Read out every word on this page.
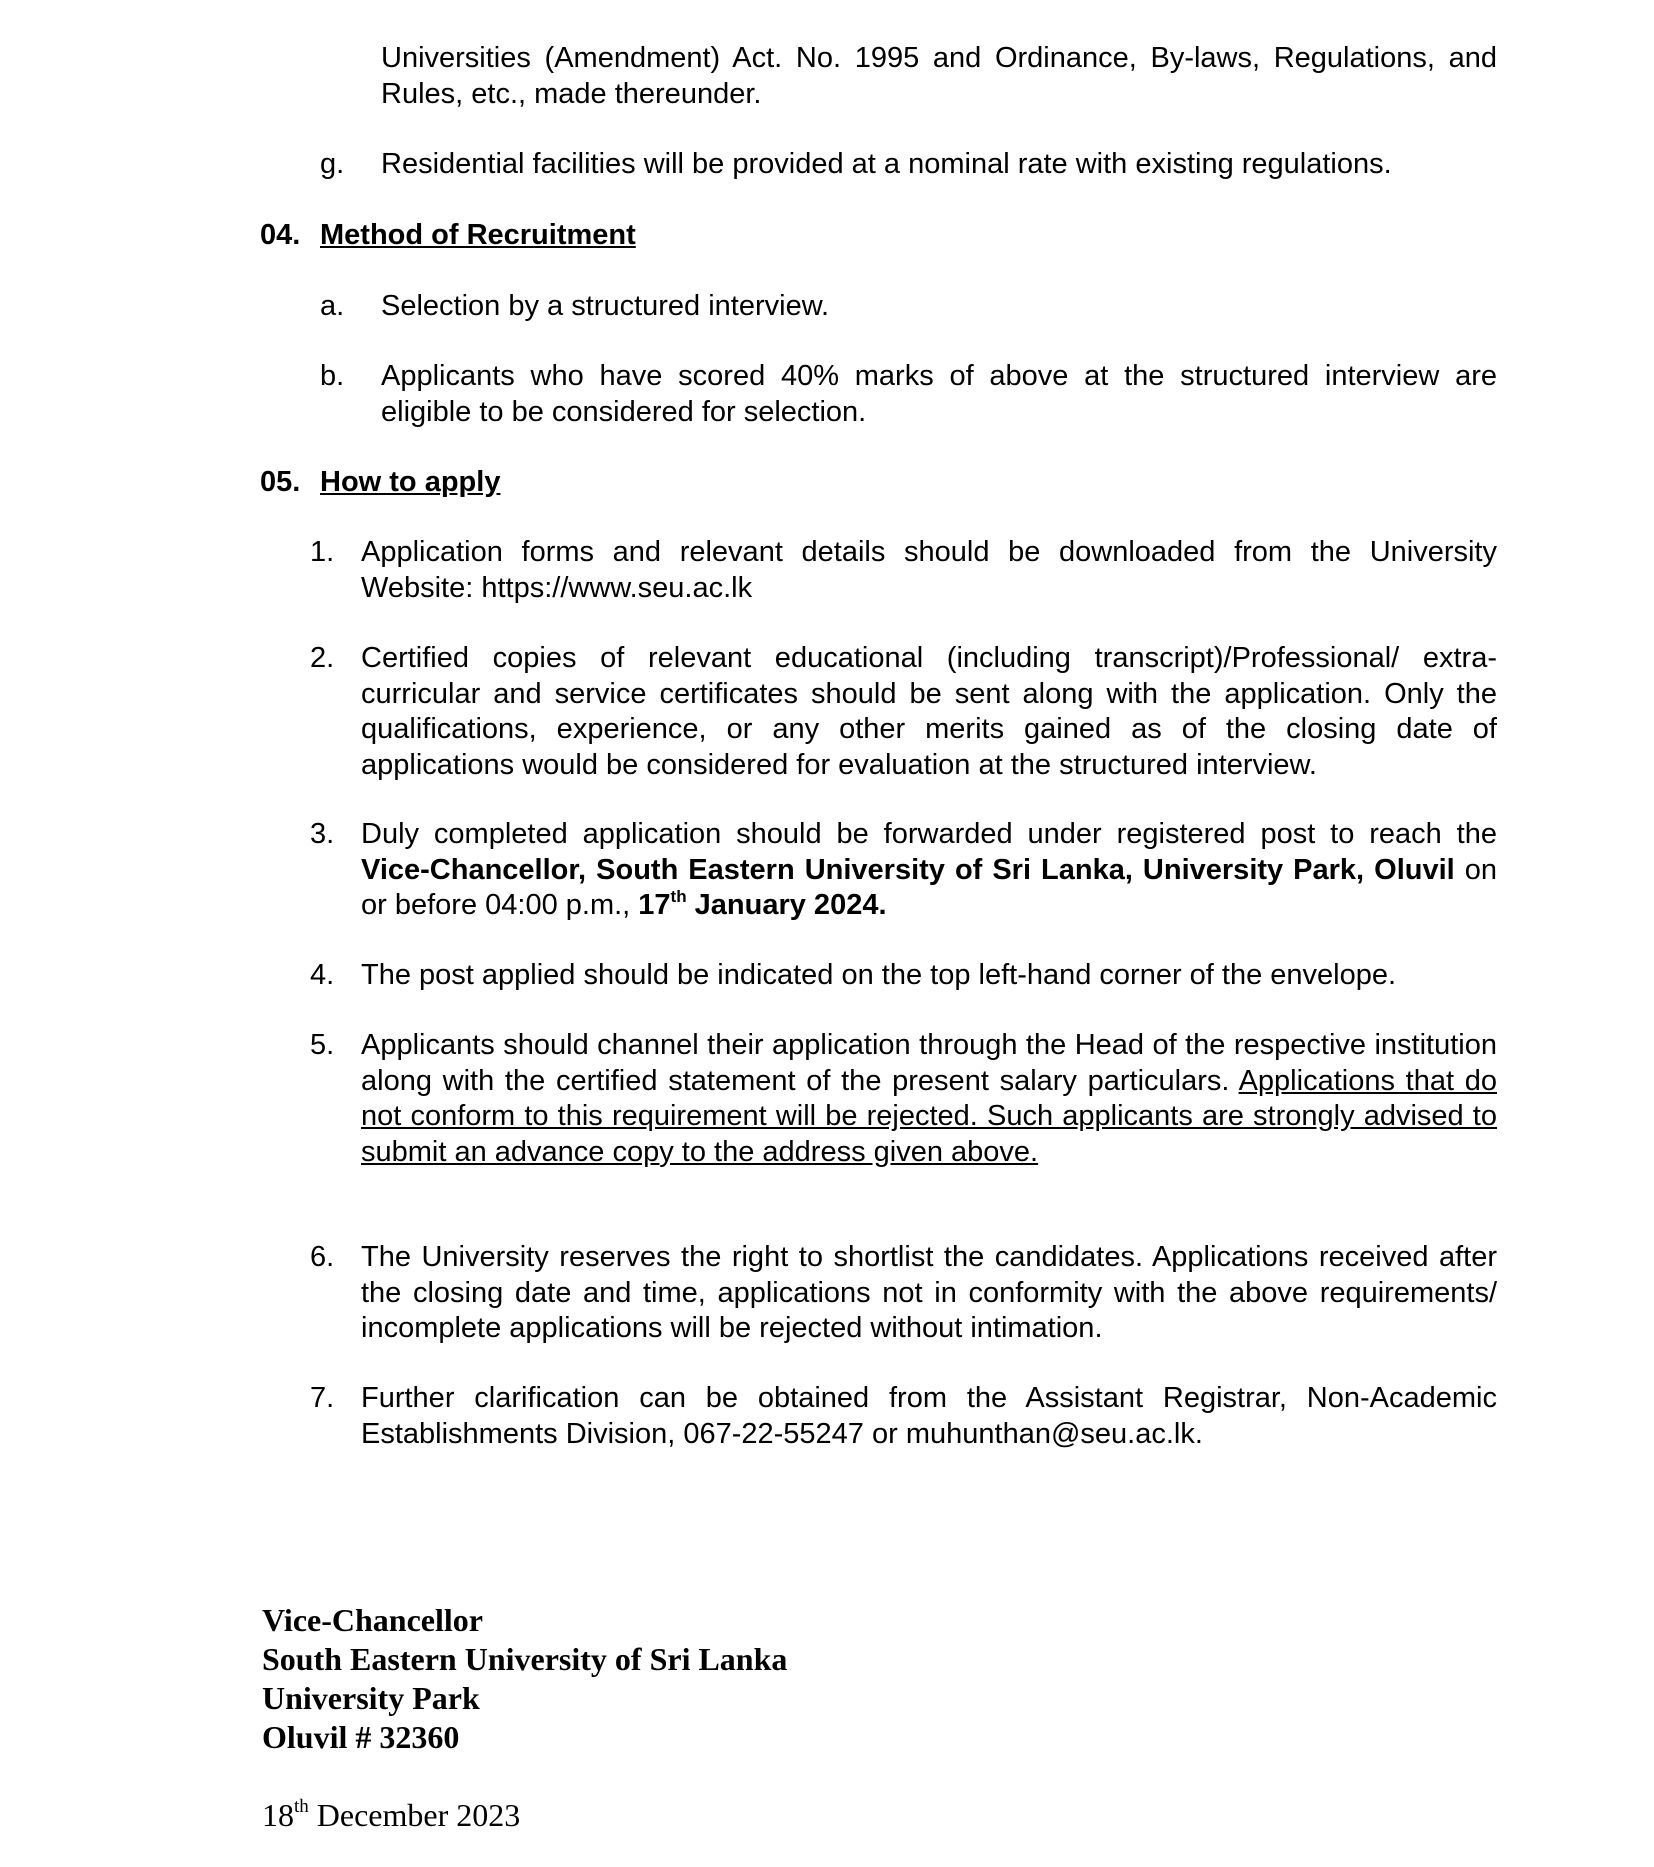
Universities (Amendment) Act. No. 1995 and Ordinance, By-laws, Regulations, and Rules, etc., made thereunder.
g. Residential facilities will be provided at a nominal rate with existing regulations.
04. Method of Recruitment
a. Selection by a structured interview.
b. Applicants who have scored 40% marks of above at the structured interview are eligible to be considered for selection.
05. How to apply
1. Application forms and relevant details should be downloaded from the University Website: https://www.seu.ac.lk
2. Certified copies of relevant educational (including transcript)/Professional/ extra-curricular and service certificates should be sent along with the application. Only the qualifications, experience, or any other merits gained as of the closing date of applications would be considered for evaluation at the structured interview.
3. Duly completed application should be forwarded under registered post to reach the Vice-Chancellor, South Eastern University of Sri Lanka, University Park, Oluvil on or before 04:00 p.m., 17th January 2024.
4. The post applied should be indicated on the top left-hand corner of the envelope.
5. Applicants should channel their application through the Head of the respective institution along with the certified statement of the present salary particulars. Applications that do not conform to this requirement will be rejected. Such applicants are strongly advised to submit an advance copy to the address given above.
6. The University reserves the right to shortlist the candidates. Applications received after the closing date and time, applications not in conformity with the above requirements/ incomplete applications will be rejected without intimation.
7. Further clarification can be obtained from the Assistant Registrar, Non-Academic Establishments Division, 067-22-55247 or muhunthan@seu.ac.lk.
Vice-Chancellor
South Eastern University of Sri Lanka
University Park
Oluvil # 32360
18th December 2023
